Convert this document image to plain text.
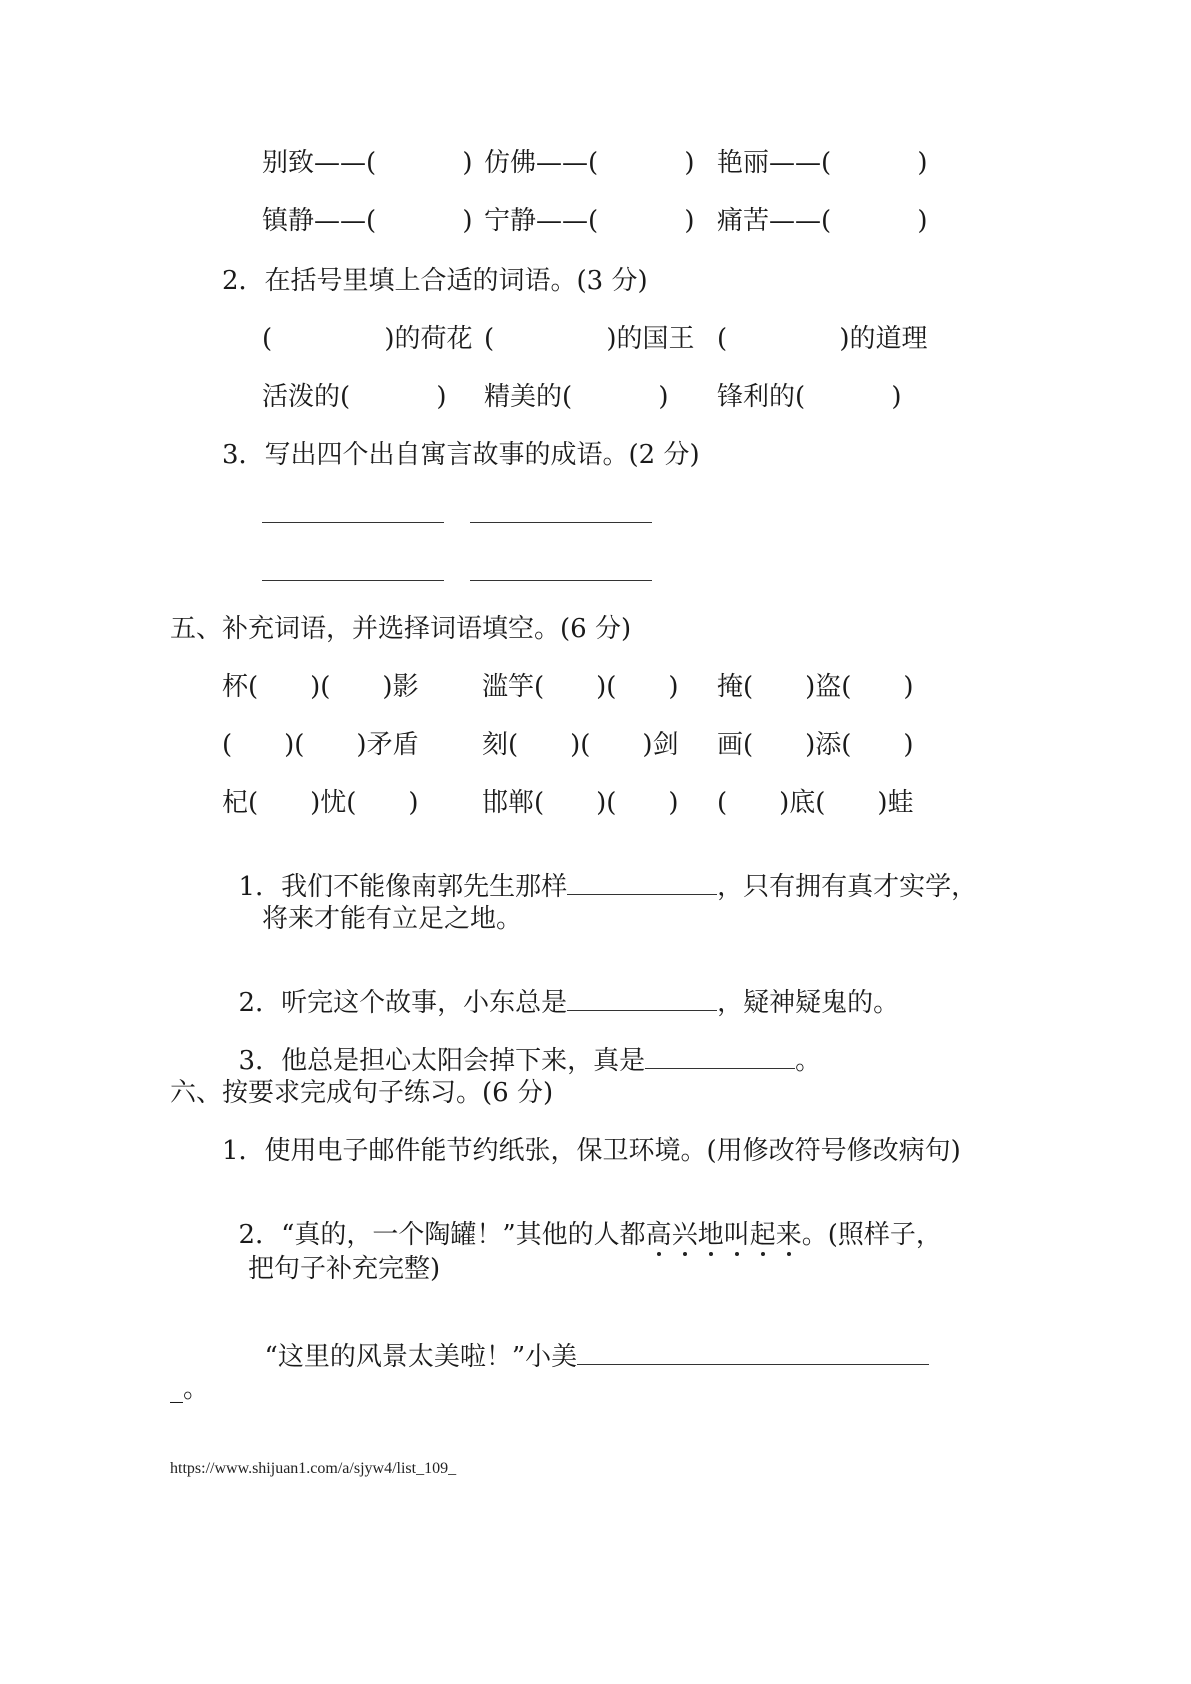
别致——(　　　 ) 仿佛——(　　　 ) 艳丽——(　　　 )
镇静——(　　　 ) 宁静——(　　　 ) 痛苦——(　　　 )
2．在括号里填上合适的词语。(3 分)
(　　　 　)的荷花 (　　　 　)的国王 (　　　 　)的道理
活泼的(　　　 ) 精美的(　　　 ) 锋利的(　　　 )
3．写出四个出自寓言故事的成语。(2 分)
五、补充词语，并选择词语填空。(6 分)
杯(　　)(　　)影 滥竽(　　)(　　) 掩(　　)盗(　　)
(　　)(　　)矛盾 刻(　　)(　　)剑 画(　　)添(　　)
杞(　　)忧(　　) 邯郸(　　)(　　) (　　)底(　　)蛙

1．我们不能像南郭先生那样	，只有拥有真才实学，

将来才能有立足之地。

2．听完这个故事，小东总是	，疑神疑鬼的。

3．他总是担心太阳会掉下来，真是	。

六、按要求完成句子练习。(6 分)
1．使用电子邮件能节约纸张，保卫环境。(用修改符号修改病句)

2．“真的，一个陶罐！”其他的人都高兴地叫起来。(照样子，

把句子补充完整)

“这里的风景太美啦！”小美

_。
https://www.shijuan1.com/a/sjyw4/list_109_
